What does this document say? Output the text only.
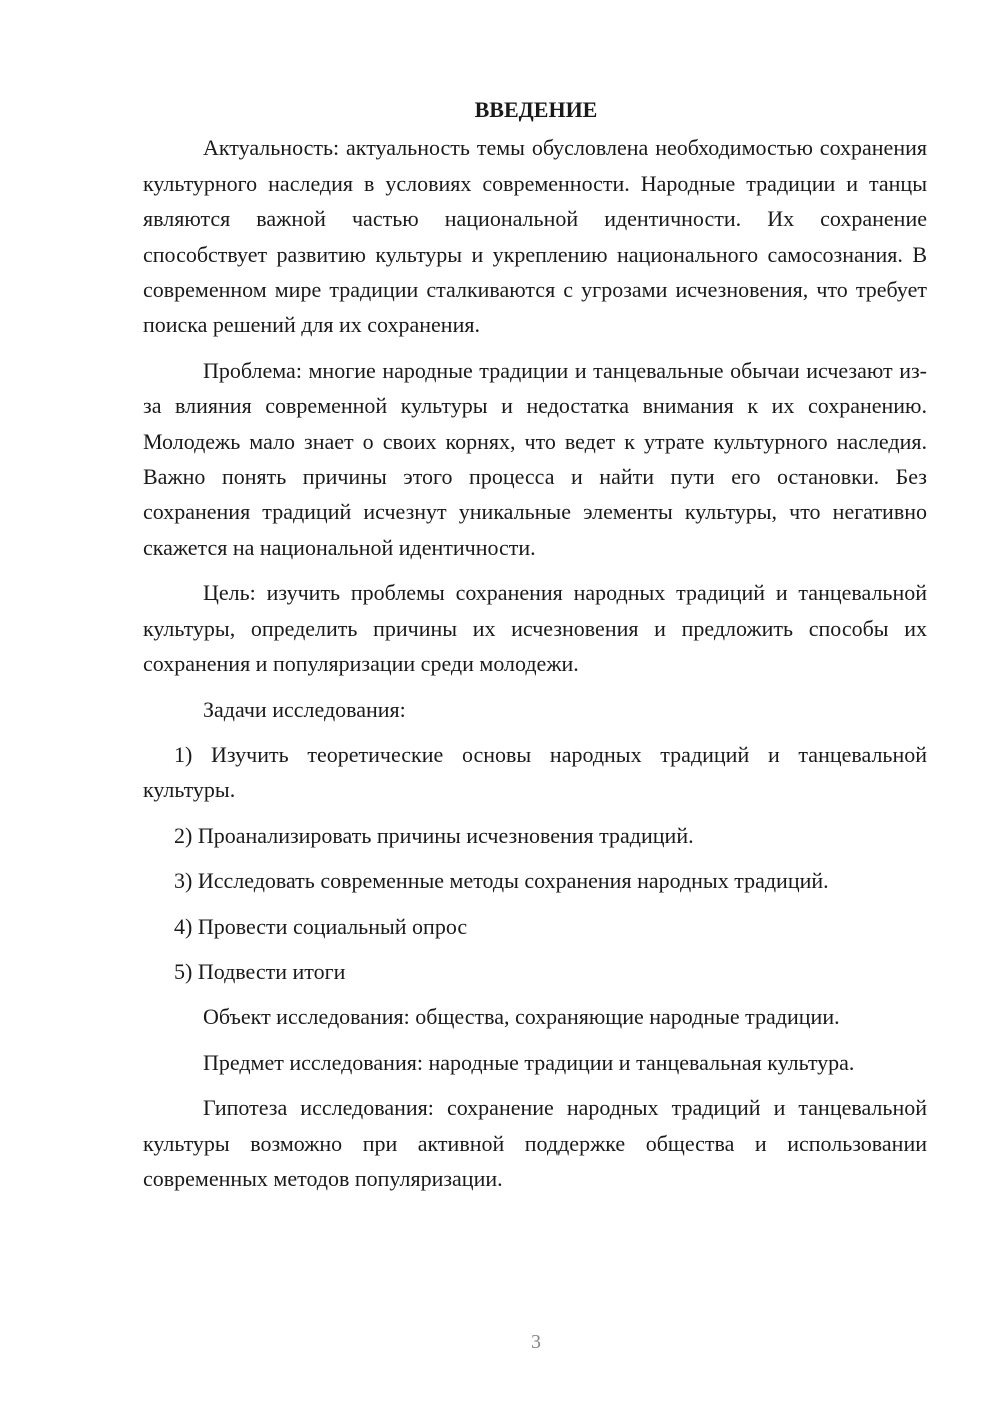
ВВЕДЕНИЕ

Актуальность: актуальность темы обусловлена необходимостью сохранения культурного наследия в условиях современности. Народные традиции и танцы являются важной частью национальной идентичности. Их сохранение способствует развитию культуры и укреплению национального самосознания. В современном мире традиции сталкиваются с угрозами исчезновения, что требует поиска решений для их сохранения.

Проблема: многие народные традиции и танцевальные обычаи исчезают из-за влияния современной культуры и недостатка внимания к их сохранению. Молодежь мало знает о своих корнях, что ведет к утрате культурного наследия. Важно понять причины этого процесса и найти пути его остановки. Без сохранения традиций исчезнут уникальные элементы культуры, что негативно скажется на национальной идентичности.

Цель: изучить проблемы сохранения народных традиций и танцевальной культуры, определить причины их исчезновения и предложить способы их сохранения и популяризации среди молодежи.

Задачи исследования:

1) Изучить теоретические основы народных традиций и танцевальной культуры.

2) Проанализировать причины исчезновения традиций.

3) Исследовать современные методы сохранения народных традиций.

4) Провести социальный опрос

5) Подвести итоги

Объект исследования: общества, сохраняющие народные традиции.

Предмет исследования: народные традиции и танцевальная культура.

Гипотеза исследования: сохранение народных традиций и танцевальной культуры возможно при активной поддержке общества и использовании современных методов популяризации.

3
